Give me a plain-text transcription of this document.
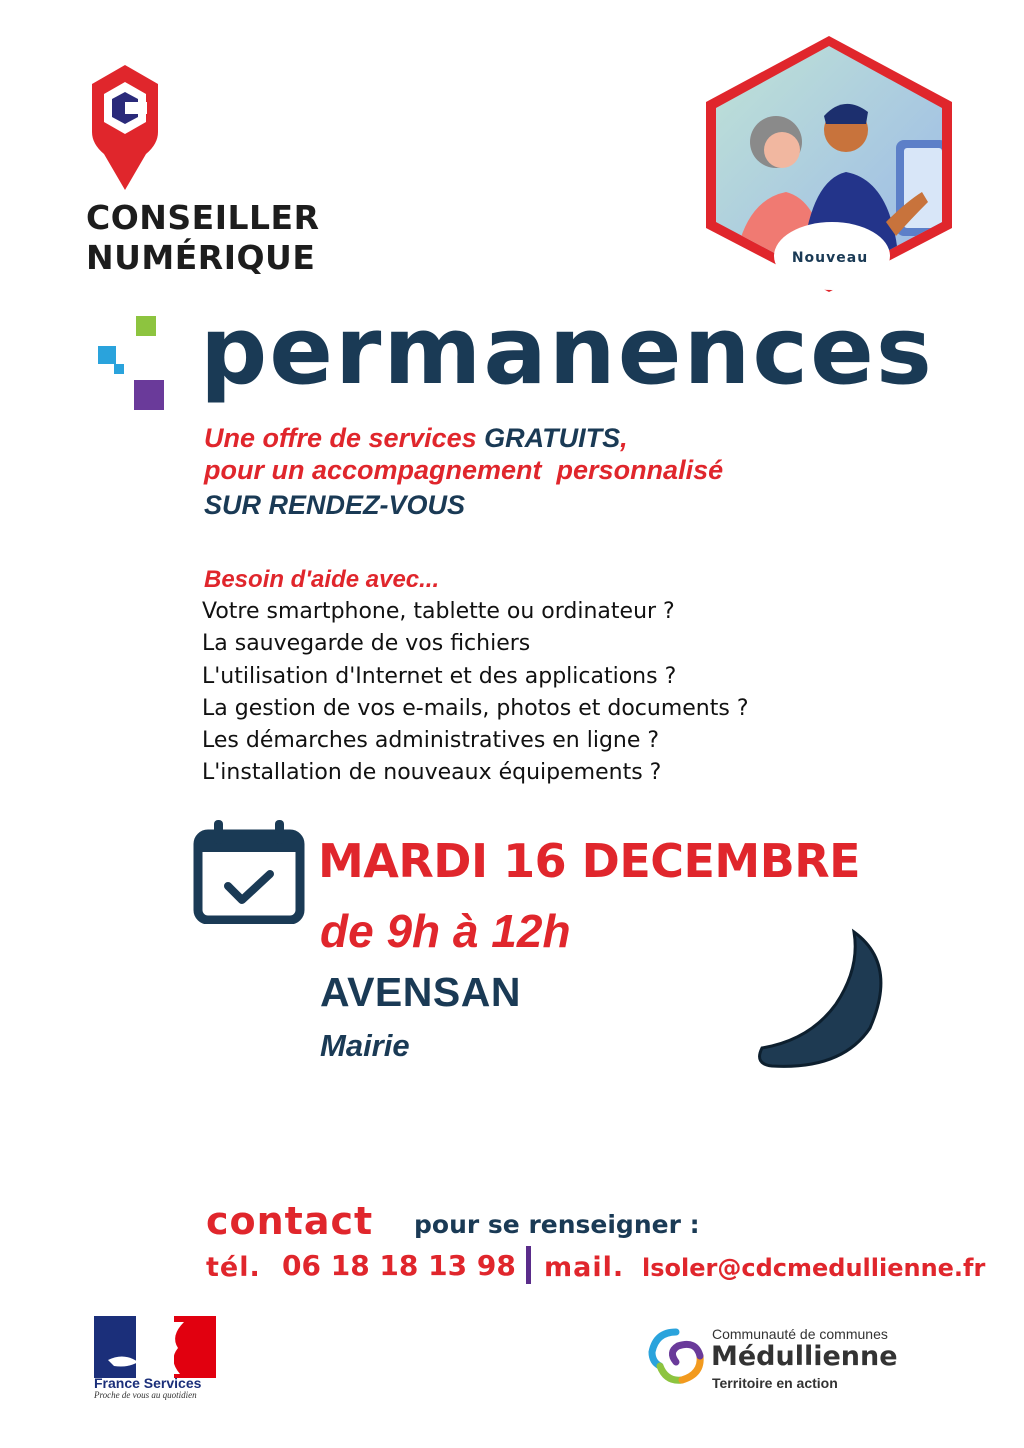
CONSEILLER
NUMÉRIQUE	Nouveau
permanences
Une offre de services GRATUITS,
pour un accompagnement  personnalisé
SUR RENDEZ-VOUS
Besoin d'aide avec...
Votre smartphone, tablette ou ordinateur ?
La sauvegarde de vos fichiers
L'utilisation d'Internet et des applications ?
La gestion de vos e-mails, photos et documents ?
Les démarches administratives en ligne ?
L'installation de nouveaux équipements ?
MARDI 16 DECEMBRE
de 9h à 12h
AVENSAN
Mairie
contact pour se renseigner :
tél. 06 18 18 13 98 mail. lsoler@cdcmedullienne.fr
France Services
Proche de vous au quotidien
Communauté de communes
Médullienne
Territoire en action
